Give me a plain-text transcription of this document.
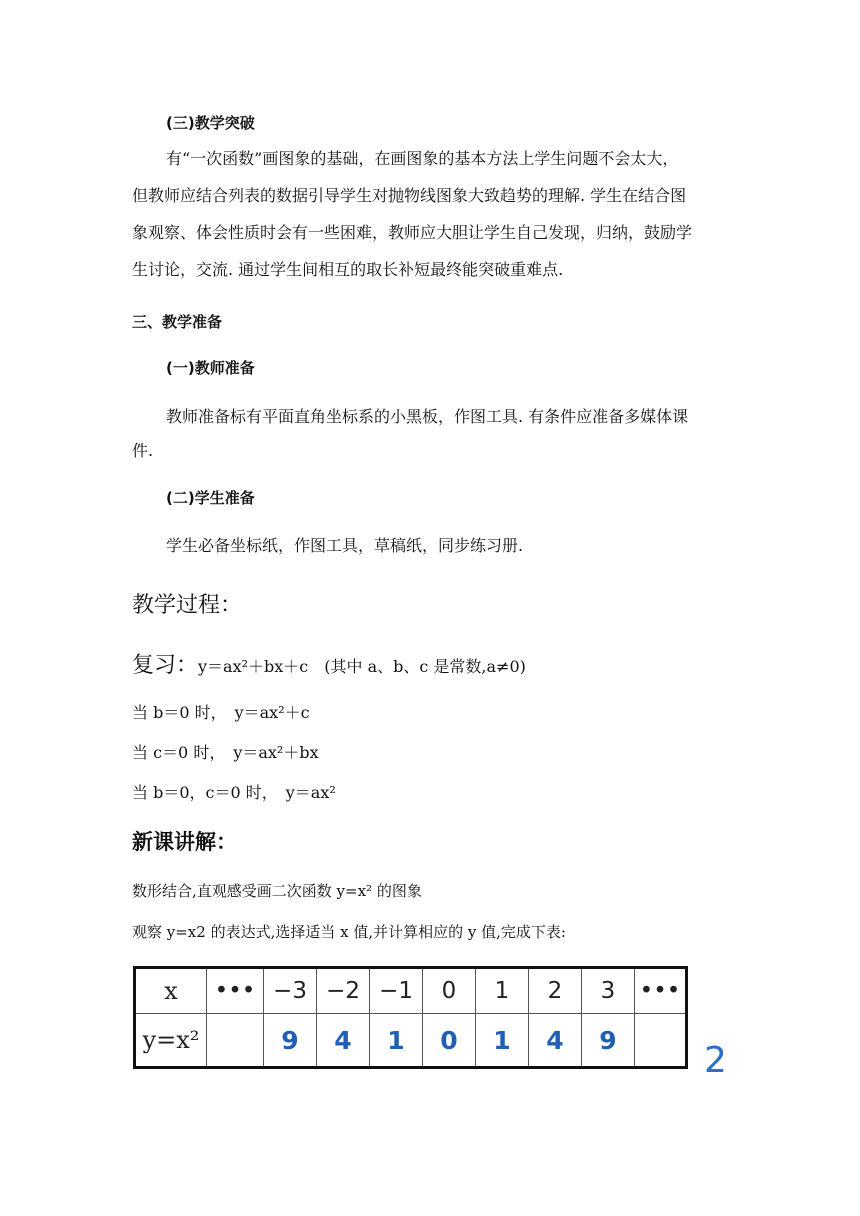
(三)教学突破
有“一次函数”画图象的基础，在画图象的基本方法上学生问题不会太大，
但教师应结合列表的数据引导学生对抛物线图象大致趋势的理解. 学生在结合图
象观察、体会性质时会有一些困难，教师应大胆让学生自己发现，归纳，鼓励学
生讨论，交流. 通过学生间相互的取长补短最终能突破重难点.
三、教学准备
(一)教师准备
教师准备标有平面直角坐标系的小黑板，作图工具. 有条件应准备多媒体课
件.
(二)学生准备
学生必备坐标纸，作图工具，草稿纸，同步练习册.
教学过程：
复习：y＝ax²＋bx＋c　(其中 a、b、c 是常数,a≠0)
当 b＝0 时，　y＝ax²＋c
当 c＝0 时，　y＝ax²＋bx
当 b＝0，c＝0 时，　y＝ax²
新课讲解：
数形结合,直观感受画二次函数 y=x² 的图象
观察 y=x2 的表达式,选择适当 x 值,并计算相应的 y 值,完成下表:
x	•••	−3	−2	−1	0	1	2	3	•••
y=x²		9	4	1	0	1	4	9	2
